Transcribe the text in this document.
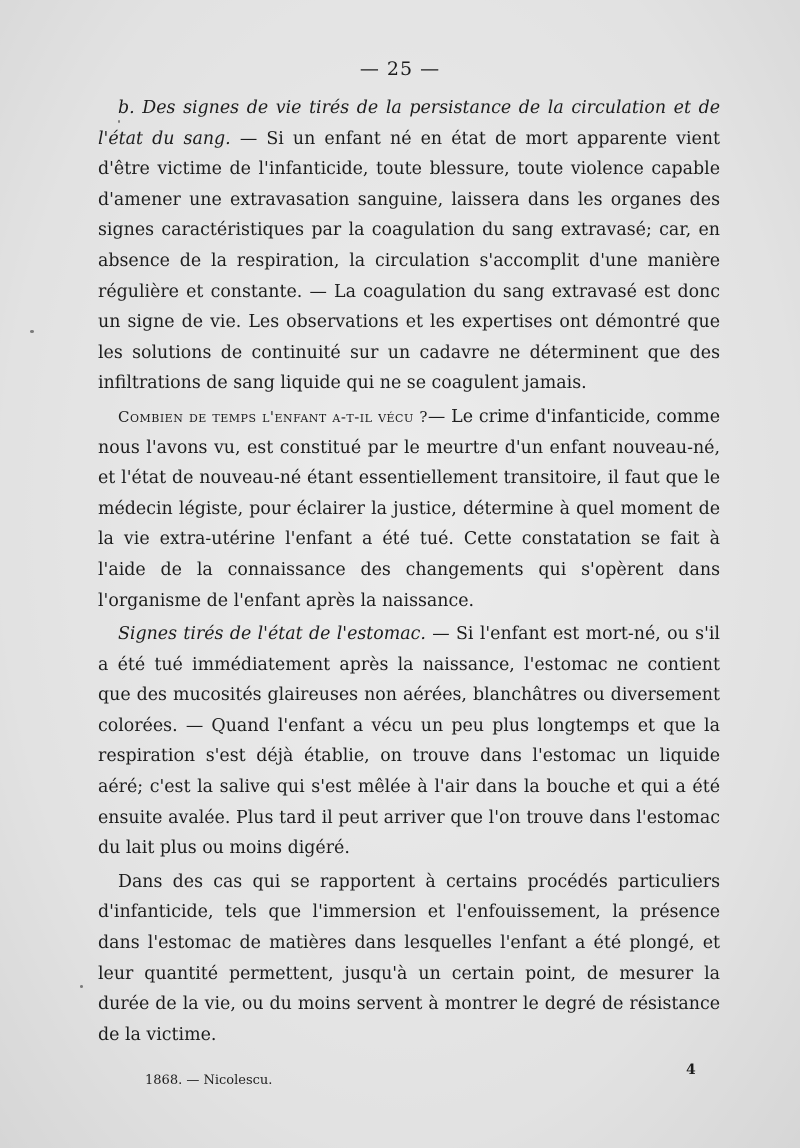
— 25 —

b. Des signes de vie tirés de la persistance de la circulation et de l'état du sang. — Si un enfant né en état de mort apparente vient d'être victime de l'infanticide, toute blessure, toute violence capable d'amener une extravasation sanguine, laissera dans les organes des signes caractéristiques par la coagulation du sang extravasé; car, en absence de la respiration, la circulation s'accomplit d'une manière régulière et constante. — La coagulation du sang extravasé est donc un signe de vie. Les observations et les expertises ont démontré que les solutions de continuité sur un cadavre ne déterminent que des infiltrations de sang liquide qui ne se coagulent jamais.

Combien de temps l'enfant a-t-il vécu ?— Le crime d'infanticide, comme nous l'avons vu, est constitué par le meurtre d'un enfant nouveau-né, et l'état de nouveau-né étant essentiellement transitoire, il faut que le médecin légiste, pour éclairer la justice, détermine à quel moment de la vie extra-utérine l'enfant a été tué. Cette constatation se fait à l'aide de la connaissance des changements qui s'opèrent dans l'organisme de l'enfant après la naissance.

Signes tirés de l'état de l'estomac. — Si l'enfant est mort-né, ou s'il a été tué immédiatement après la naissance, l'estomac ne contient que des mucosités glaireuses non aérées, blanchâtres ou diversement colorées. — Quand l'enfant a vécu un peu plus longtemps et que la respiration s'est déjà établie, on trouve dans l'estomac un liquide aéré; c'est la salive qui s'est mêlée à l'air dans la bouche et qui a été ensuite avalée. Plus tard il peut arriver que l'on trouve dans l'estomac du lait plus ou moins digéré.

Dans des cas qui se rapportent à certains procédés particuliers d'infanticide, tels que l'immersion et l'enfouissement, la présence dans l'estomac de matières dans lesquelles l'enfant a été plongé, et leur quantité permettent, jusqu'à un certain point, de mesurer la durée de la vie, ou du moins servent à montrer le degré de résistance de la victime.

1868. — Nicolescu.
4
